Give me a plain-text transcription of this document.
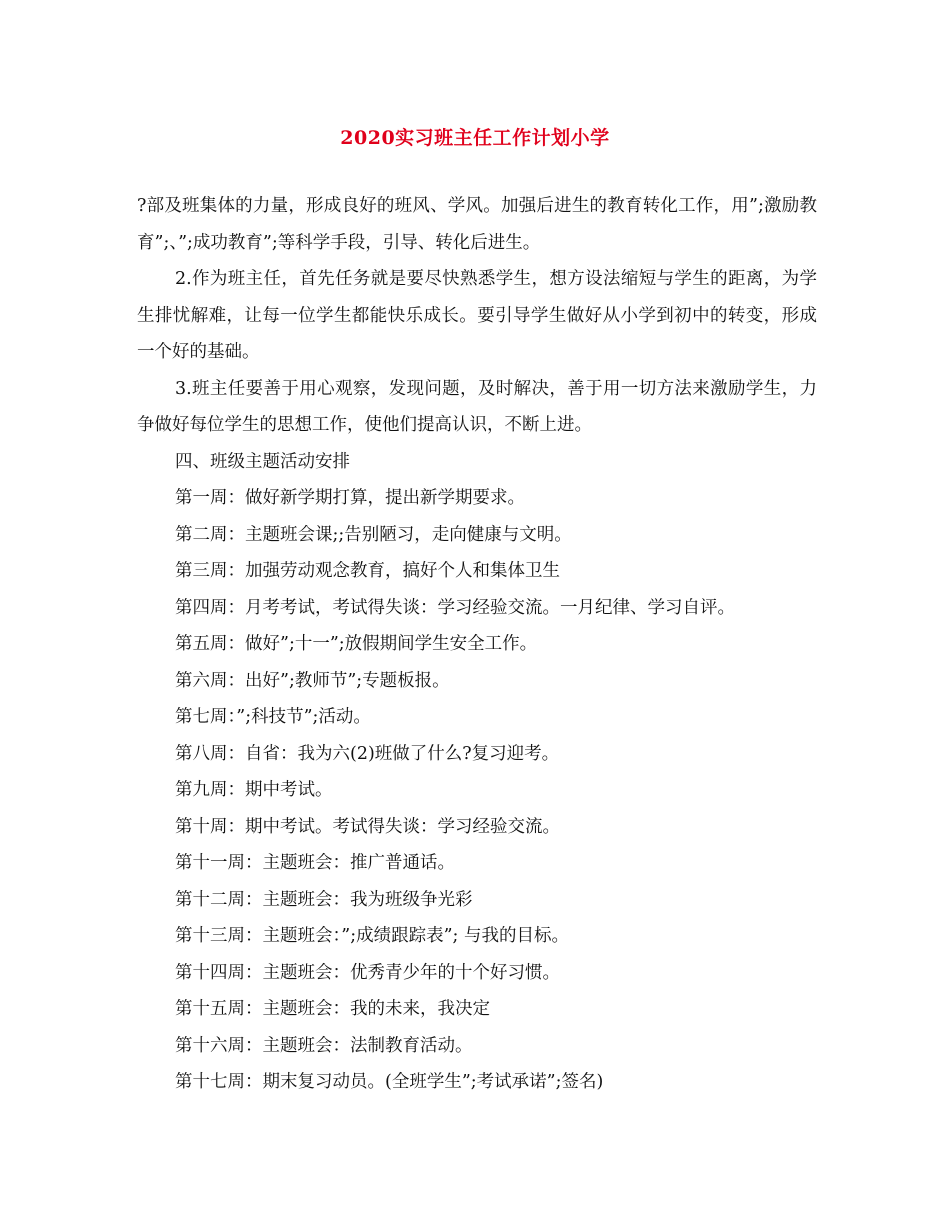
2020实习班主任工作计划小学

?部及班集体的力量，形成良好的班风、学风。加强后进生的教育转化工作，用”;激励教育”;、”;成功教育”;等科学手段，引导、转化后进生。

2.作为班主任，首先任务就是要尽快熟悉学生，想方设法缩短与学生的距离，为学生排忧解难，让每一位学生都能快乐成长。要引导学生做好从小学到初中的转变，形成一个好的基础。

3.班主任要善于用心观察，发现问题，及时解决，善于用一切方法来激励学生，力争做好每位学生的思想工作，使他们提高认识，不断上进。

四、班级主题活动安排

第一周：做好新学期打算，提出新学期要求。

第二周：主题班会课;;告别陋习，走向健康与文明。

第三周：加强劳动观念教育，搞好个人和集体卫生

第四周：月考考试，考试得失谈：学习经验交流。一月纪律、学习自评。

第五周：做好”;十一”;放假期间学生安全工作。

第六周：出好”;教师节”;专题板报。

第七周：”;科技节”;活动。

第八周：自省：我为六(2)班做了什么?复习迎考。

第九周：期中考试。

第十周：期中考试。考试得失谈：学习经验交流。

第十一周：主题班会：推广普通话。

第十二周：主题班会：我为班级争光彩

第十三周：主题班会：”;成绩跟踪表”; 与我的目标。

第十四周：主题班会：优秀青少年的十个好习惯。

第十五周：主题班会：我的未来，我决定

第十六周：主题班会：法制教育活动。

第十七周：期末复习动员。(全班学生”;考试承诺”;签名)
